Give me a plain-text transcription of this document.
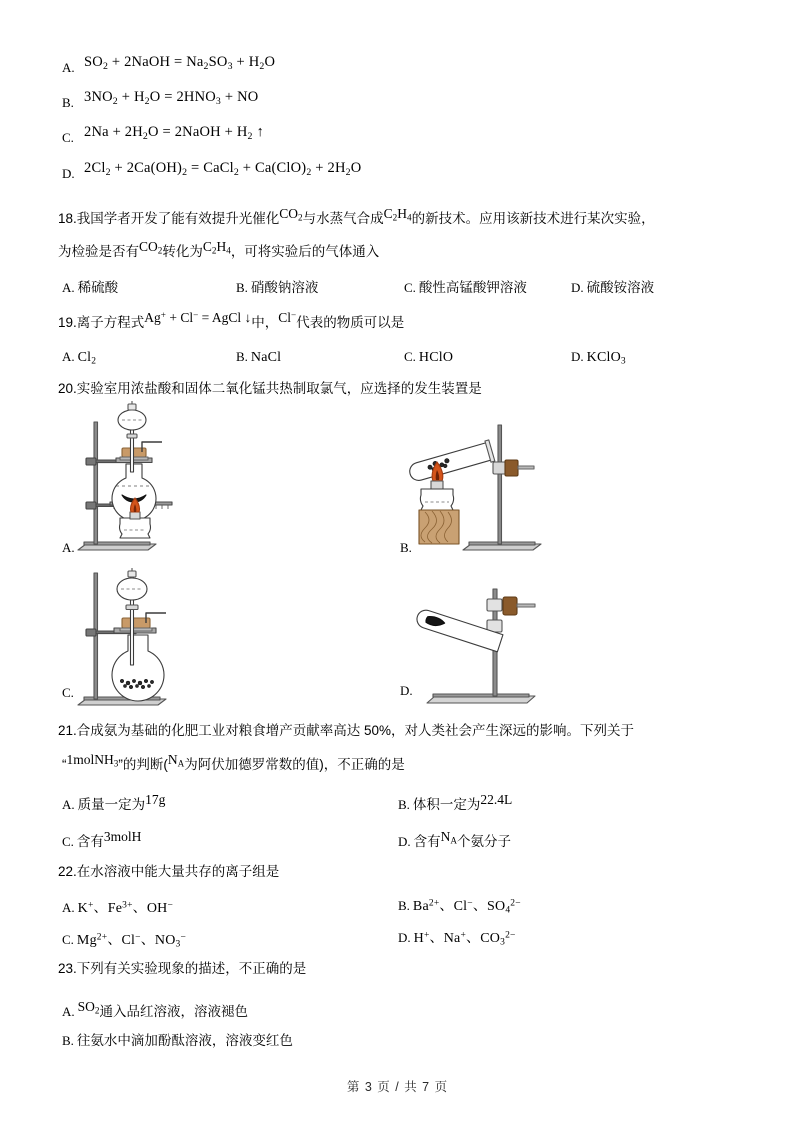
A. $SO_2$ + 2NaOH = $Na_2SO_3 + H_2O$
B. $3NO_2 + H_2O = 2HNO_3$ + NO
C. $2Na + 2H_2O$ = 2NaOH + $H_2$ ↑
D. $2Cl_2 + 2Ca(OH)_2$ = CaCl$_2$ + $Ca(ClO)_2 + 2H_2O$
18.我国学者开发了能有效提升光催化$CO_2$与水蒸气合成$C_2H_4$的新技术。应用该新技术进行某次实验，
为检验是否有$CO_2$转化为$C_2H_4$，可将实验后的气体通入
A. 稀硫酸	B. 硝酸钠溶液	C. 酸性高锰酸钾溶液	D. 硫酸铵溶液
19.离子方程式Ag+ + Cl− = AgCl ↓中，Cl−代表的物质可以是
A. $Cl_2$	B. NaCl	C. HClO	D. KClO$_3$
20.实验室用浓盐酸和固体二氧化锰共热制取氯气，应选择的发生装置是
A.	B.
C.	D.
21.合成氨为基础的化肥工业对粮食增产贡献率高达 50%，对人类社会产生深远的影响。下列关于
“1molNH$_3$”的判断($N_A$为阿伏加德罗常数的值)，不正确的是
A. 质量一定为$^{17g}$	B. 体积一定为$^{22.4L}$
C. 含有$^{3molH}$	D. 含有$^{N_A}$个氨分子
22.在水溶液中能大量共存的离子组是
A. K+、$Fe^{3+}$、OH−	B. $Ba^{2+}$、Cl−、$SO_4^{2-}$
C. $Mg^{2+}$、Cl−、$NO_3^-$	D. H+、Na+、$CO_3^{2-}$
23.下列有关实验现象的描述，不正确的是
A. $^{SO_2}$通入品红溶液，溶液褪色
B. 往氨水中滴加酚酞溶液，溶液变红色
第 3 页 / 共 7 页
